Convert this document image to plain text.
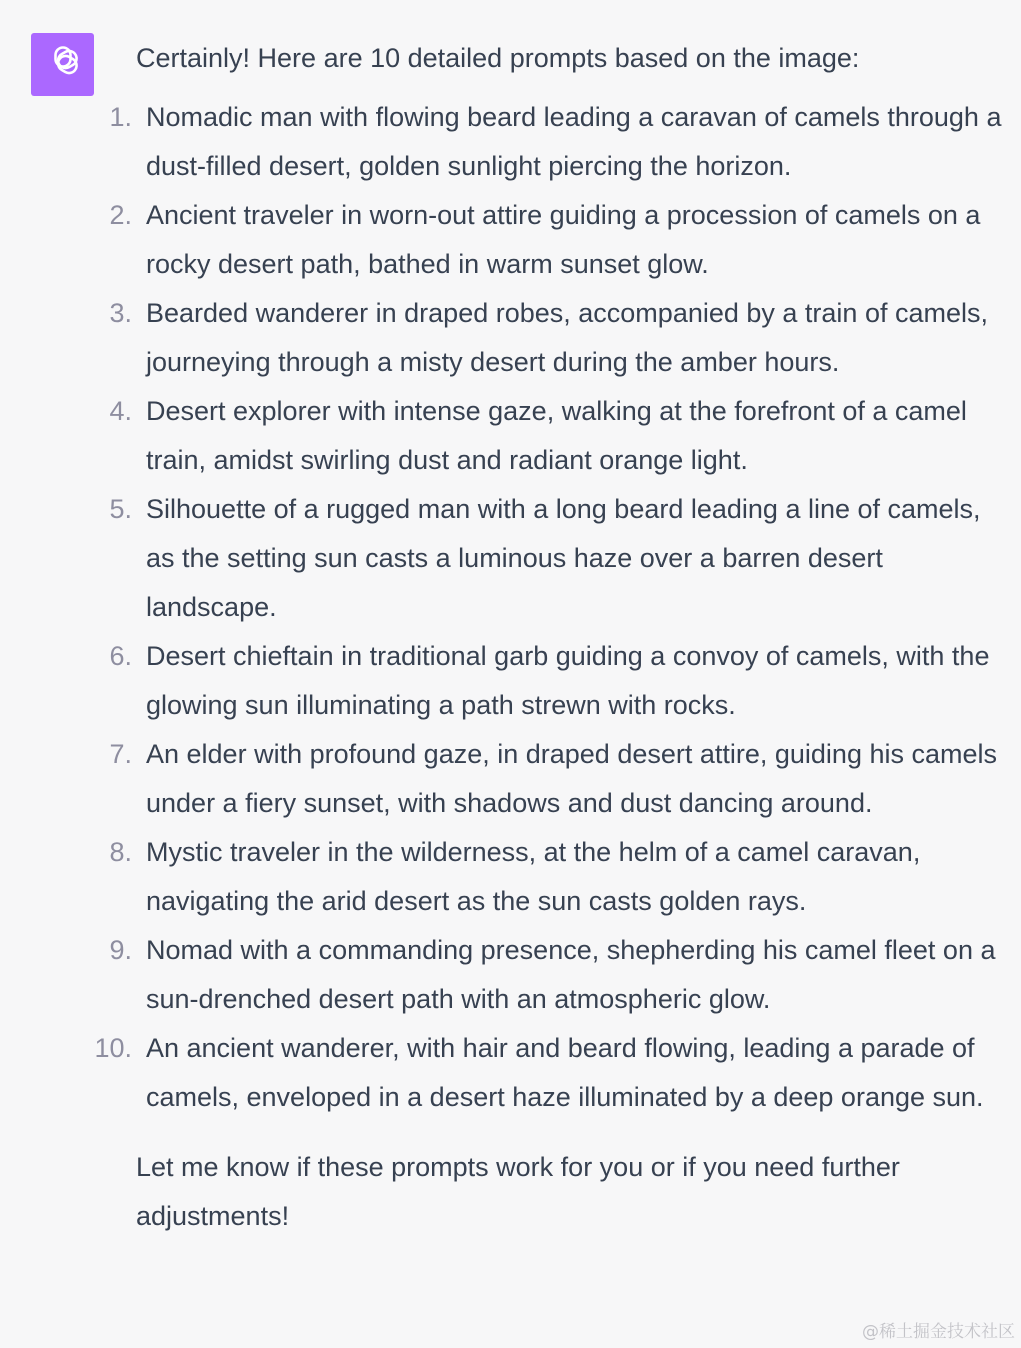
Certainly! Here are 10 detailed prompts based on the image:

1. Nomadic man with flowing beard leading a caravan of camels through a dust-filled desert, golden sunlight piercing the horizon.
2. Ancient traveler in worn-out attire guiding a procession of camels on a rocky desert path, bathed in warm sunset glow.
3. Bearded wanderer in draped robes, accompanied by a train of camels, journeying through a misty desert during the amber hours.
4. Desert explorer with intense gaze, walking at the forefront of a camel train, amidst swirling dust and radiant orange light.
5. Silhouette of a rugged man with a long beard leading a line of camels, as the setting sun casts a luminous haze over a barren desert landscape.
6. Desert chieftain in traditional garb guiding a convoy of camels, with the glowing sun illuminating a path strewn with rocks.
7. An elder with profound gaze, in draped desert attire, guiding his camels under a fiery sunset, with shadows and dust dancing around.
8. Mystic traveler in the wilderness, at the helm of a camel caravan, navigating the arid desert as the sun casts golden rays.
9. Nomad with a commanding presence, shepherding his camel fleet on a sun-drenched desert path with an atmospheric glow.
10. An ancient wanderer, with hair and beard flowing, leading a parade of camels, enveloped in a desert haze illuminated by a deep orange sun.

Let me know if these prompts work for you or if you need further adjustments!

@稀土掘金技术社区
